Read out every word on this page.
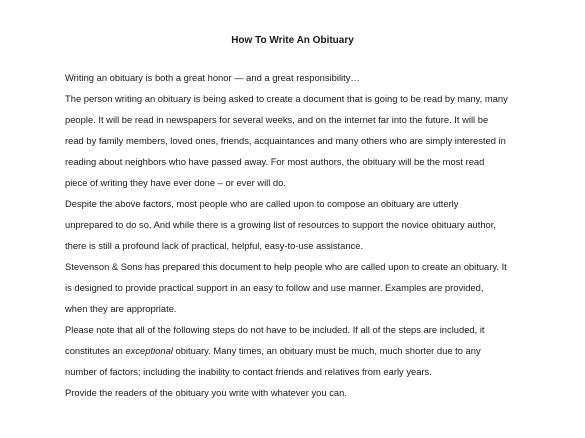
How To Write An Obituary
Writing an obituary is both a great honor — and a great responsibility…
The person writing an obituary is being asked to create a document that is going to be read by many, many
people. It will be read in newspapers for several weeks, and on the internet far into the future. It will be
read by family members, loved ones, friends, acquaintances and many others who are simply interested in
reading about neighbors who have passed away. For most authors, the obituary will be the most read
piece of writing they have ever done – or ever will do.
Despite the above factors, most people who are called upon to compose an obituary are utterly
unprepared to do so. And while there is a growing list of resources to support the novice obituary author,
there is still a profound lack of practical, helpful, easy-to-use assistance.
Stevenson & Sons has prepared this document to help people who are called upon to create an obituary. It
is designed to provide practical support in an easy to follow and use manner. Examples are provided,
when they are appropriate.
Please note that all of the following steps do not have to be included. If all of the steps are included, it
constitutes an exceptional obituary. Many times, an obituary must be much, much shorter due to any
number of factors; including the inability to contact friends and relatives from early years.
Provide the readers of the obituary you write with whatever you can.
